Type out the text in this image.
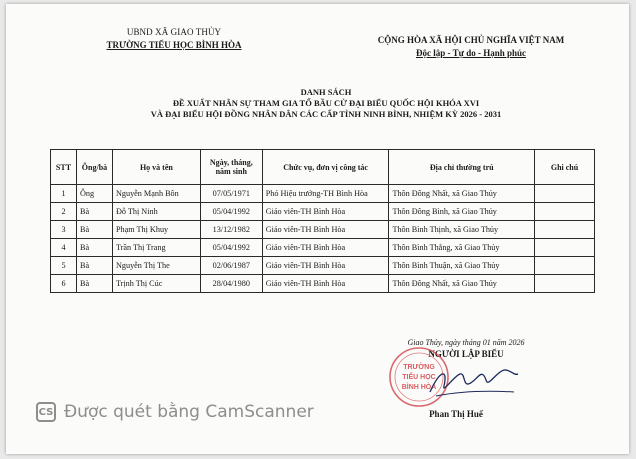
UBND XÃ GIAO THỦY
TRƯỜNG TIỂU HỌC BÌNH HÒA	CỘNG HÒA XÃ HỘI CHỦ NGHĨA VIỆT NAM
Độc lập - Tự do - Hạnh phúc
DANH SÁCH
ĐỀ XUẤT NHÂN SỰ THAM GIA TỔ BẦU CỬ ĐẠI BIỂU QUỐC HỘI KHÓA XVI
VÀ ĐẠI BIỂU HỘI ĐỒNG NHÂN DÂN CÁC CẤP TỈNH NINH BÌNH, NHIỆM KỲ 2026 - 2031
STT	Ông/bà	Họ và tên	Ngày, tháng, năm sinh	Chức vụ, đơn vị công tác	Địa chỉ thường trú	Ghi chú
1	Ông	Nguyễn Mạnh Bôn	07/05/1971	Phó Hiệu trưởng-TH Bình Hòa	Thôn Đông Nhất, xã Giao Thủy	
2	Bà	Đỗ Thị Ninh	05/04/1992	Giáo viên-TH Bình Hòa	Thôn Đông Bình, xã Giao Thủy	
3	Bà	Phạm Thị Khuy	13/12/1982	Giáo viên-TH Bình Hòa	Thôn Bình Thịnh, xã Giao Thủy	
4	Bà	Trần Thị Trang	05/04/1992	Giáo viên-TH Bình Hòa	Thôn Bình Thắng, xã Giao Thủy	
5	Bà	Nguyễn Thị The	02/06/1987	Giáo viên-TH Bình Hòa	Thôn Bình Thuận, xã Giao Thủy	
6	Bà	Trịnh Thị Cúc	28/04/1980	Giáo viên-TH Bình Hòa	Thôn Đông Nhất, xã Giao Thủy	
Giao Thủy, ngày tháng 01 năm 2026
NGƯỜI LẬP BIỂU
TRƯỜNG
TIỂU HỌC
BÌNH HÒA
Phan Thị Huế
CS Được quét bằng CamScanner
